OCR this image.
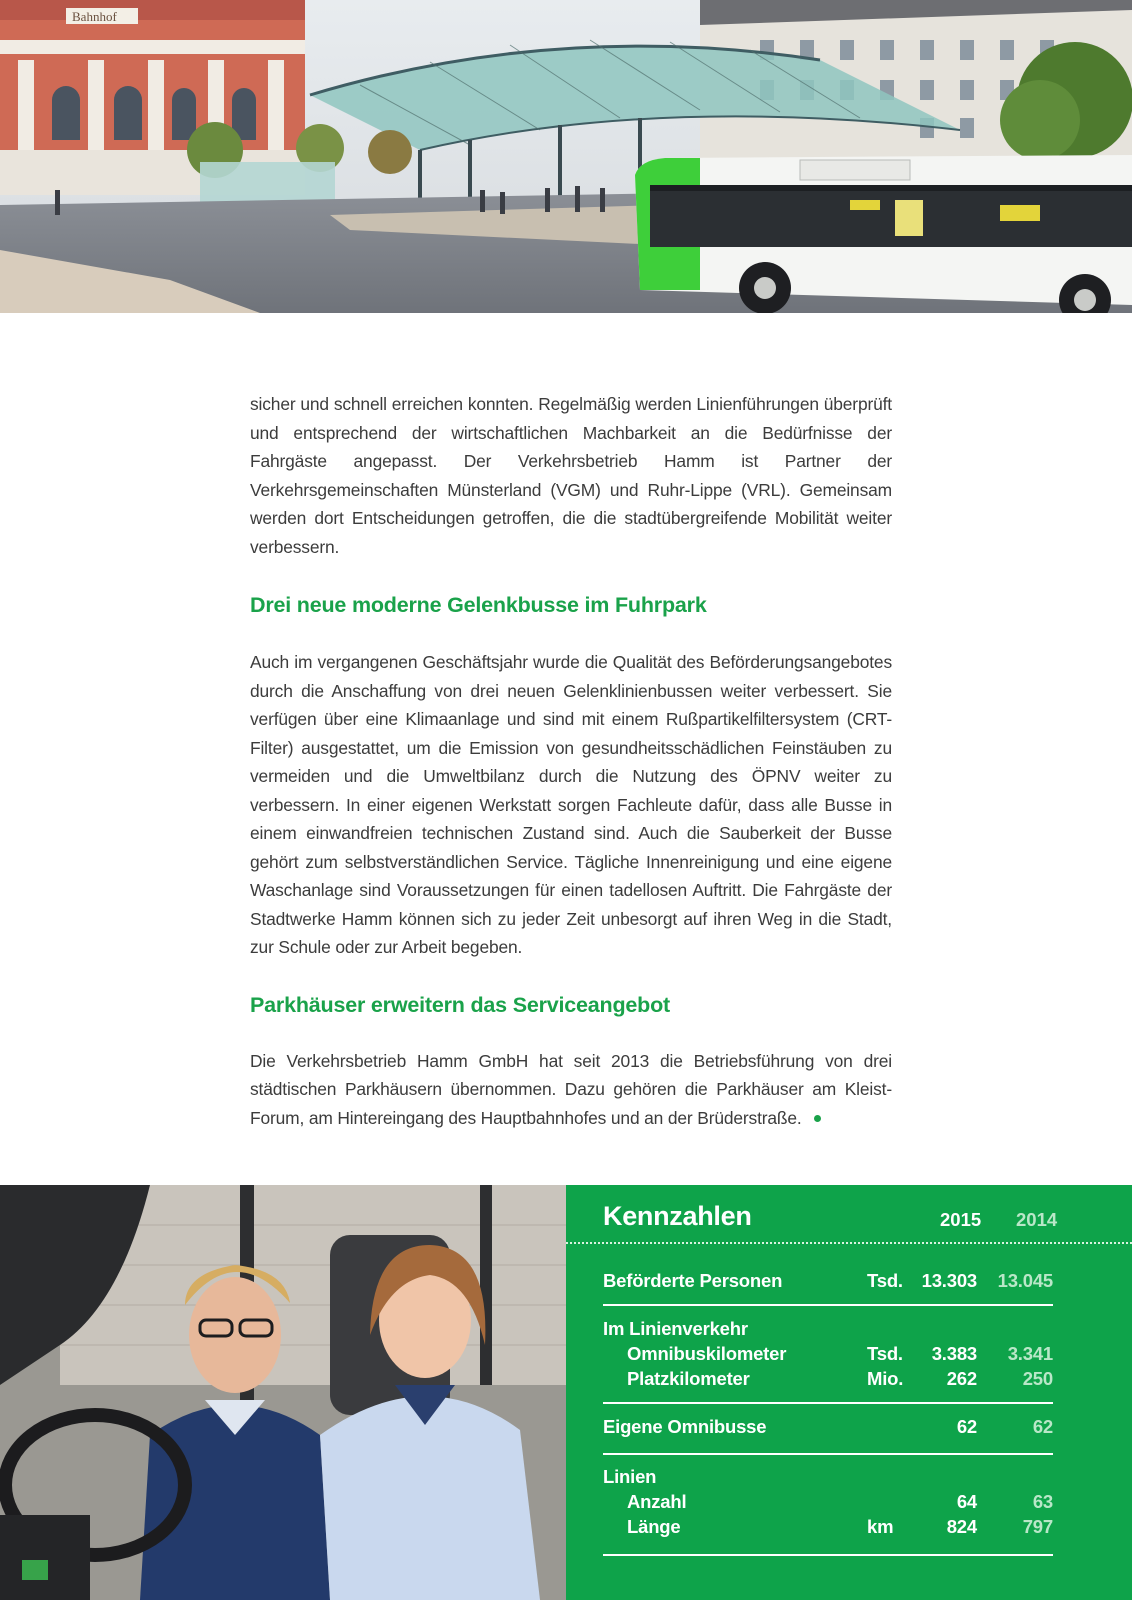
Bahnhof

sicher und schnell erreichen konnten. Regelmäßig werden Linienführungen überprüft und entsprechend der wirtschaftlichen Machbarkeit an die Bedürfnisse der Fahrgäste angepasst. Der Verkehrsbetrieb Hamm ist Partner der Verkehrsgemeinschaften Münsterland (VGM) und Ruhr-Lippe (VRL). Gemeinsam werden dort Entscheidungen getroffen, die die stadtübergreifende Mobilität weiter verbessern.

Drei neue moderne Gelenkbusse im Fuhrpark

Auch im vergangenen Geschäftsjahr wurde die Qualität des Beförderungsangebotes durch die Anschaffung von drei neuen Gelenklinienbussen weiter verbessert. Sie verfügen über eine Klimaanlage und sind mit einem Rußpartikelfiltersystem (CRT-Filter) ausgestattet, um die Emission von gesundheitsschädlichen Feinstäuben zu vermeiden und die Umweltbilanz durch die Nutzung des ÖPNV weiter zu verbessern. In einer eigenen Werkstatt sorgen Fachleute dafür, dass alle Busse in einem einwandfreien technischen Zustand sind. Auch die Sauberkeit der Busse gehört zum selbstverständlichen Service. Tägliche Innenreinigung und eine eigene Waschanlage sind Voraussetzungen für einen tadellosen Auftritt. Die Fahrgäste der Stadtwerke Hamm können sich zu jeder Zeit unbesorgt auf ihren Weg in die Stadt, zur Schule oder zur Arbeit begeben.

Parkhäuser erweitern das Serviceangebot

Die Verkehrsbetrieb Hamm GmbH hat seit 2013 die Betriebsführung von drei städtischen Parkhäusern übernommen. Dazu gehören die Parkhäuser am Kleist-Forum, am Hintereingang des Hauptbahnhofes und an der Brüderstraße.

Kennzahlen	2015 2014
Beförderte Personen	Tsd. 13.303 13.045
Im Linienverkehr
Omnibuskilometer	Tsd. 3.383 3.341
Platzkilometer	Mio. 262 250
Eigene Omnibusse	62	62
Linien
Anzahl	64	63
Länge	km	824 797
